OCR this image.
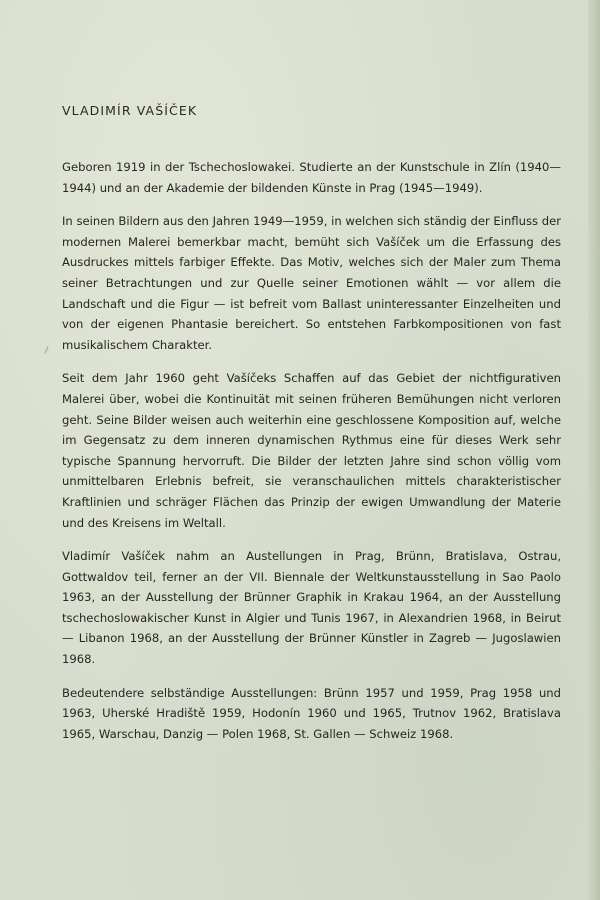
VLADIMÍR VAŠÍČEK

Geboren 1919 in der Tschechoslowakei. Studierte an der Kunstschule in Zlín (1940—1944) und an der Akademie der bildenden Künste in Prag (1945—1949).

In seinen Bildern aus den Jahren 1949—1959, in welchen sich ständig der Einfluss der modernen Malerei bemerkbar macht, bemüht sich Vašíček um die Erfassung des Ausdruckes mittels farbiger Effekte. Das Motiv, welches sich der Maler zum Thema seiner Betrachtungen und zur Quelle seiner Emotionen wählt — vor allem die Landschaft und die Figur — ist befreit vom Ballast uninteressanter Einzelheiten und von der eigenen Phantasie bereichert. So entstehen Farbkompositionen von fast musikalischem Charakter.

Seit dem Jahr 1960 geht Vašíčeks Schaffen auf das Gebiet der nichtfigurativen Malerei über, wobei die Kontinuität mit seinen früheren Bemühungen nicht verloren geht. Seine Bilder weisen auch weiterhin eine geschlossene Komposition auf, welche im Gegensatz zu dem inneren dynamischen Rythmus eine für dieses Werk sehr typische Spannung hervorruft. Die Bilder der letzten Jahre sind schon völlig vom unmittelbaren Erlebnis befreit, sie veranschaulichen mittels charakteristischer Kraftlinien und schräger Flächen das Prinzip der ewigen Umwandlung der Materie und des Kreisens im Weltall.

Vladimír Vašíček nahm an Austellungen in Prag, Brünn, Bratislava, Ostrau, Gottwaldov teil, ferner an der VII. Biennale der Weltkunstausstellung in Sao Paolo 1963, an der Ausstellung der Brünner Graphik in Krakau 1964, an der Ausstellung tschechoslowakischer Kunst in Algier und Tunis 1967, in Alexandrien 1968, in Beirut — Libanon 1968, an der Ausstellung der Brünner Künstler in Zagreb — Jugoslawien 1968.

Bedeutendere selbständige Ausstellungen: Brünn 1957 und 1959, Prag 1958 und 1963, Uherské Hradiště 1959, Hodonín 1960 und 1965, Trutnov 1962, Bratislava 1965, Warschau, Danzig — Polen 1968, St. Gallen — Schweiz 1968.
